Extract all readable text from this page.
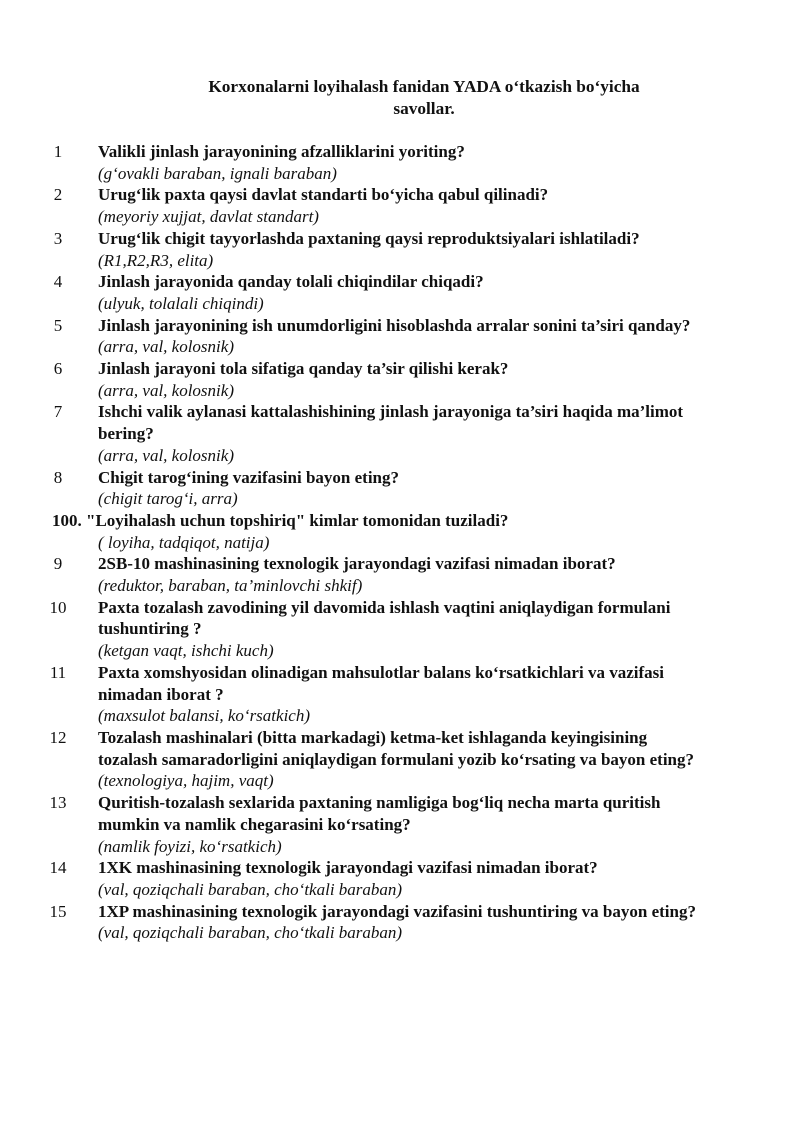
Korxonalarni loyihalash fanidan YADA o‘tkazish bo‘yicha
savollar.
1	Valikli jinlash jarayonining afzalliklarini yoriting?
(g‘ovakli baraban, ignali baraban)
2	Urug‘lik paxta qaysi davlat standarti bo‘yicha qabul qilinadi?
(meyoriy xujjat, davlat standart)
3	Urug‘lik chigit tayyorlashda paxtaning qaysi reproduktsiyalari ishlatiladi?
(R1,R2,R3, elita)
4	Jinlash jarayonida qanday tolali chiqindilar chiqadi?
(ulyuk, tolalali chiqindi)
5	Jinlash jarayonining ish unumdorligini hisoblashda arralar sonini ta’siri qanday?
(arra, val, kolosnik)
6	Jinlash jarayoni tola sifatiga qanday ta’sir qilishi kerak?
(arra, val, kolosnik)
7	Ishchi valik aylanasi kattalashishining jinlash jarayoniga ta’siri haqida ma’limot bering?
(arra, val, kolosnik)
8	Chigit tarog‘ining vazifasini bayon eting?
(chigit tarog‘i, arra)
100. "Loyihalash uchun topshiriq" kimlar tomonidan tuziladi?
( loyiha, tadqiqot, natija)
9	2SB-10 mashinasining texnologik jarayondagi vazifasi nimadan iborat?
(reduktor, baraban, ta’minlovchi shkif)
10	Paxta tozalash zavodining yil davomida ishlash vaqtini aniqlaydigan formulani tushuntiring ?
(ketgan vaqt, ishchi kuch)
11	Paxta xomshyosidan olinadigan mahsulotlar balans ko‘rsatkichlari va vazifasi nimadan iborat ?
(maxsulot balansi, ko‘rsatkich)
12	Tozalash mashinalari (bitta markadagi) ketma-ket ishlaganda keyingisining tozalash samaradorligini aniqlaydigan formulani yozib ko‘rsating va bayon eting?
(texnologiya, hajim, vaqt)
13	Quritish-tozalash sexlarida paxtaning namligiga bog‘liq necha marta quritish mumkin va namlik chegarasini ko‘rsating?
(namlik foyizi, ko‘rsatkich)
14	1XK mashinasining texnologik jarayondagi vazifasi nimadan iborat?
(val, qoziqchali baraban, cho‘tkali baraban)
15	1XP mashinasining texnologik jarayondagi vazifasini tushuntiring va bayon eting?
(val, qoziqchali baraban, cho‘tkali baraban)
